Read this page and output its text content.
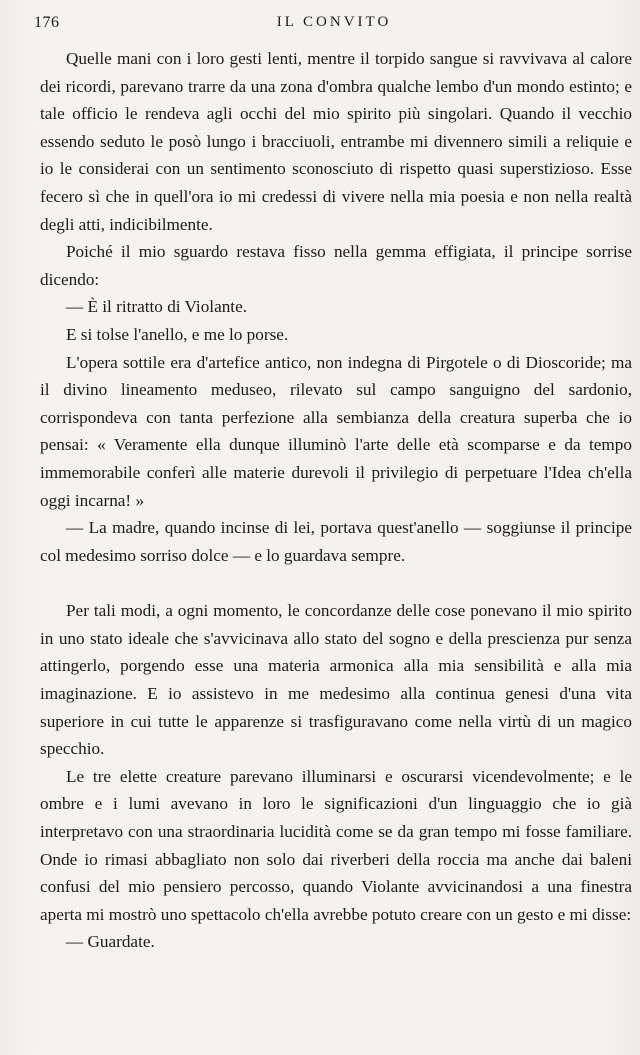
176	IL CONVITO

Quelle mani con i loro gesti lenti, mentre il torpido sangue si ravvivava al calore dei ricordi, parevano trarre da una zona d'ombra qualche lembo d'un mondo estinto; e tale officio le rendeva agli occhi del mio spirito più singolari. Quando il vecchio essendo seduto le posò lungo i bracciuoli, entrambe mi divennero simili a reliquie e io le considerai con un sentimento sconosciuto di rispetto quasi superstizioso. Esse fecero sì che in quell'ora io mi credessi di vivere nella mia poesia e non nella realtà degli atti, indicibilmente.

Poiché il mio sguardo restava fisso nella gemma effigiata, il principe sorrise dicendo:

— È il ritratto di Violante.

E si tolse l'anello, e me lo porse.

L'opera sottile era d'artefice antico, non indegna di Pirgotele o di Dioscoride; ma il divino lineamento meduseo, rilevato sul campo sanguigno del sardonio, corrispondeva con tanta perfezione alla sembianza della creatura superba che io pensai: « Veramente ella dunque illuminò l'arte delle età scomparse e da tempo immemorabile conferì alle materie durevoli il privilegio di perpetuare l'Idea ch'ella oggi incarna! »

— La madre, quando incinse di lei, portava quest'anello — soggiunse il principe col medesimo sorriso dolce — e lo guardava sempre.

Per tali modi, a ogni momento, le concordanze delle cose ponevano il mio spirito in uno stato ideale che s'avvicinava allo stato del sogno e della prescienza pur senza attingerlo, porgendo esse una materia armonica alla mia sensibilità e alla mia imaginazione. E io assistevo in me medesimo alla continua genesi d'una vita superiore in cui tutte le apparenze si trasfiguravano come nella virtù di un magico specchio.

Le tre elette creature parevano illuminarsi e oscurarsi vicendevolmente; e le ombre e i lumi avevano in loro le significazioni d'un linguaggio che io già interpretavo con una straordinaria lucidità come se da gran tempo mi fosse familiare. Onde io rimasi abbagliato non solo dai riverberi della roccia ma anche dai baleni confusi del mio pensiero percosso, quando Violante avvicinandosi a una finestra aperta mi mostrò uno spettacolo ch'ella avrebbe potuto creare con un gesto e mi disse:

— Guardate.
